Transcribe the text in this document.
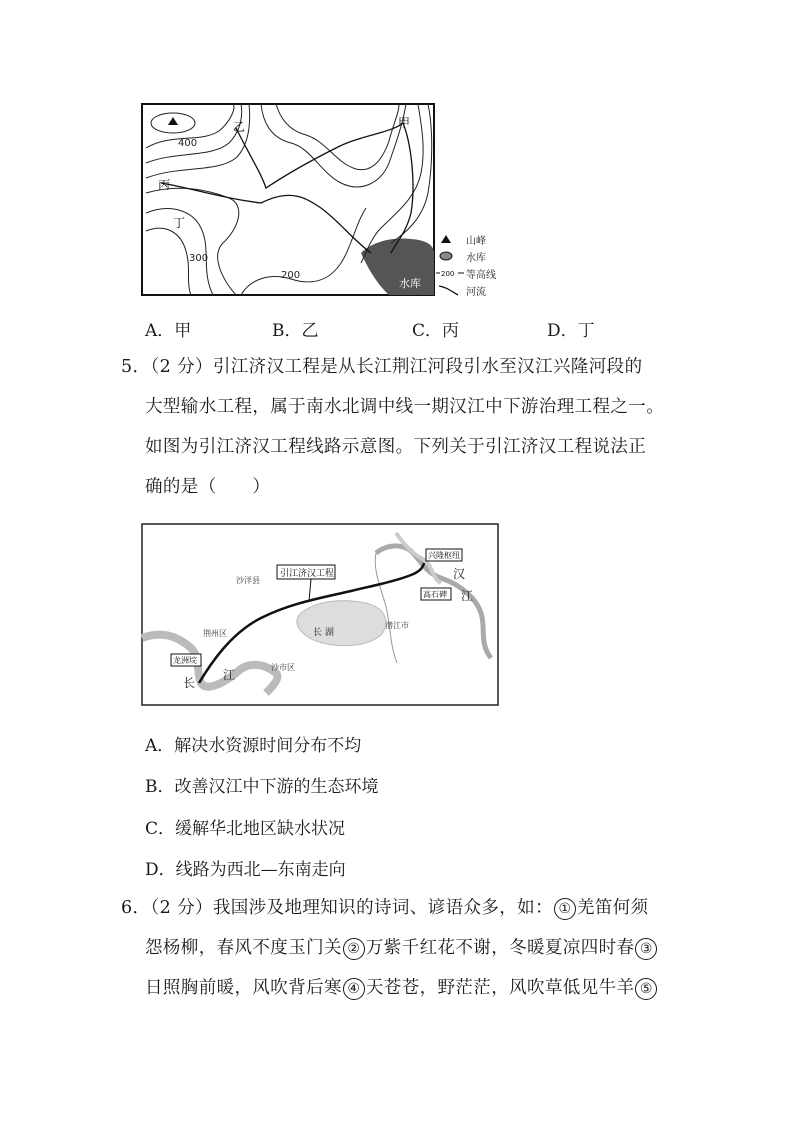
水库
400
300
200
乙	甲
丙
丁
山峰
水库
200 等高线
河流
A．甲	B．乙	C．丙	D．丁
5．（2 分）引江济汉工程是从长江荆江河段引水至汉江兴隆河段的
大型输水工程，属于南水北调中线一期汉江中下游治理工程之一。
如图为引江济汉工程线路示意图。下列关于引江济汉工程说法正
确的是（　　）
引江济汉工程
兴隆枢纽
高石碑
龙洲垸
沙洋县
荆州区
沙市区
潜江市
汉
江
长
江
长 湖
A．解决水资源时间分布不均
B．改善汉江中下游的生态环境
C．缓解华北地区缺水状况
D．线路为西北—东南走向
6．（2 分）我国涉及地理知识的诗词、谚语众多，如： ① 羌笛何须
怨杨柳，春风不度玉门关 ② 万紫千红花不谢，冬暖夏凉四时春 ③
日照胸前暖，风吹背后寒 ④ 天苍苍，野茫茫，风吹草低见牛羊 ⑤
